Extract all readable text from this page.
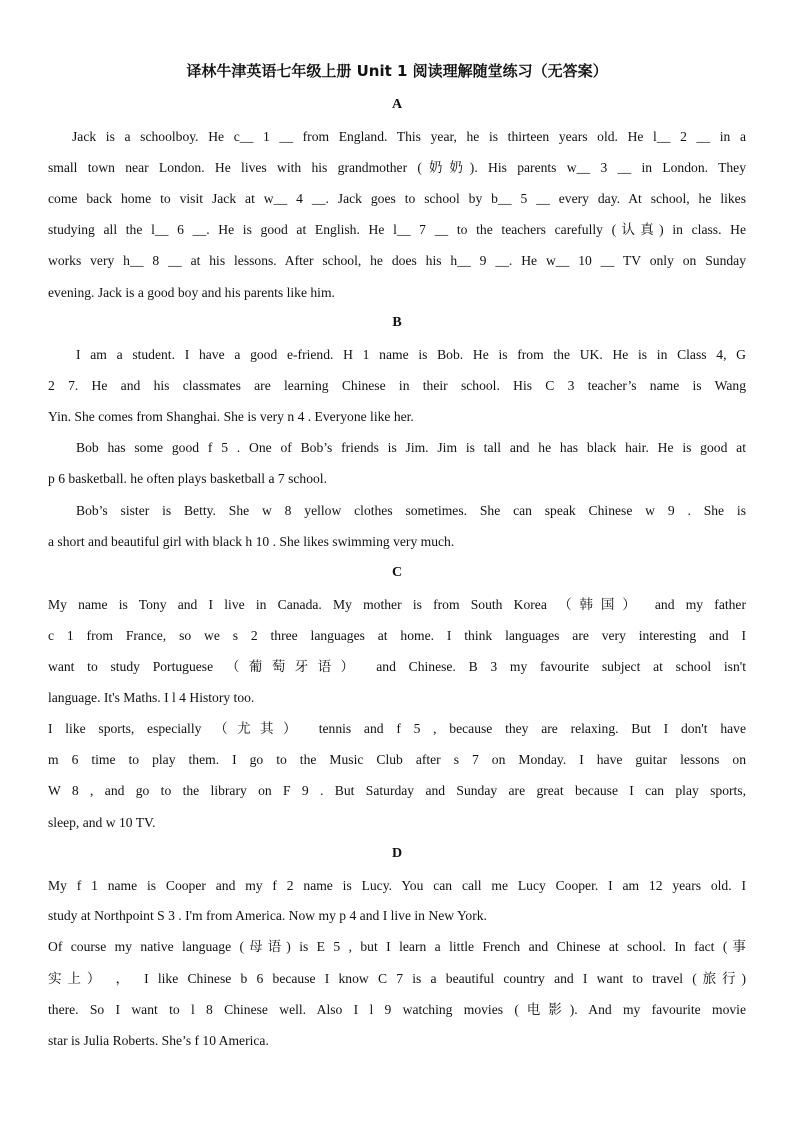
译林牛津英语七年级上册 Unit 1 阅读理解随堂练习（无答案）
A
Jack is a schoolboy. He c__ 1 __ from England. This year, he is thirteen years old. He l__ 2 __ in a
small town near London. He lives with his grandmother (奶奶). His parents w__ 3 __ in London. They
come back home to visit Jack at w__ 4 __. Jack goes to school by b__ 5 __ every day. At school, he likes
studying all the l__ 6 __. He is good at English. He l__ 7 __ to the teachers carefully (认真) in class. He
works very h__ 8 __ at his lessons. After school, he does his h__ 9 __. He w__ 10 __ TV only on Sunday
evening. Jack is a good boy and his parents like him.
B
I am a student. I have a good e-friend. H 1 name is Bob. He is from the UK. He is in Class 4, G
2 7. He and his classmates are learning Chinese in their school. His C 3 teacher’s name is Wang
Yin. She comes from Shanghai. She is very n 4 . Everyone like her.
Bob has some good f 5 . One of Bob’s friends is Jim. Jim is tall and he has black hair. He is good at
p 6 basketball. he often plays basketball a 7 school.
Bob’s sister is Betty. She w 8 yellow clothes sometimes. She can speak Chinese w 9 . She is
a short and beautiful girl with black h 10 . She likes swimming very much.
C
My name is Tony and I live in Canada. My mother is from South Korea （韩国） and my father
c 1 from France, so we s 2 three languages at home. I think languages are very interesting and I
want to study Portuguese （葡萄牙语） and Chinese. B 3 my favourite subject at school isn't
language. It's Maths. I l 4 History too.
I like sports, especially （尤其） tennis and f 5 , because they are relaxing. But I don't have
m 6 time to play them. I go to the Music Club after s 7 on Monday. I have guitar lessons on
W 8 , and go to the library on F 9 . But Saturday and Sunday are great because I can play sports,
sleep, and w 10 TV.
D
My f 1 name is Cooper and my f 2 name is Lucy. You can call me Lucy Cooper. I am 12 years old. I
study at Northpoint S 3 . I'm from America. Now my p 4 and I live in New York.
Of course my native language (母语) is E 5 , but I learn a little French and Chinese at school. In fact (事
实上） ， I like Chinese b 6 because I know C 7 is a beautiful country and I want to travel (旅行)
there. So I want to l 8 Chinese well. Also I l 9 watching movies (电影). And my favourite movie
star is Julia Roberts. She’s f 10 America.
